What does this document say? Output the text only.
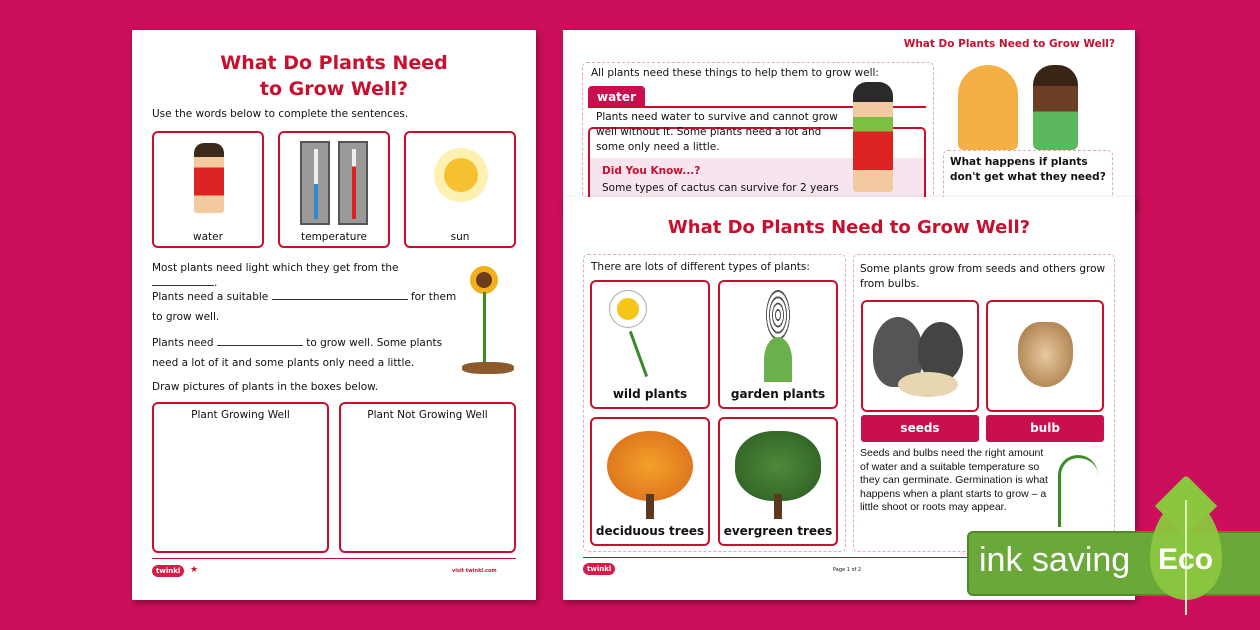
What Do Plants Need
to Grow Well?
Use the words below to complete the sentences.
water	temperature	sun
Most plants need light which they get from the .
Plants need a suitable	for them to grow well.
Plants need	to grow well. Some plants need a lot of it and some plants only need a little.
Draw pictures of plants in the boxes below.
Plant Growing Well	Plant Not Growing Well
twinkl	★	visit twinkl.com
What Do Plants Need to Grow Well?
All plants need these things to help them to grow well:
water
Plants need water to survive and cannot grow well without it. Some plants need a lot and some only need a little.
Did You Know...?
Some types of cactus can survive for 2 years
What happens if plants don't get what they need?
What Do Plants Need to Grow Well?
There are lots of different types of plants:
wild plants	garden plants
deciduous trees	evergreen trees
Some plants grow from seeds and others grow from bulbs.
seeds	bulb
Seeds and bulbs need the right amount of water and a suitable temperature so they can germinate. Germination is what happens when a plant starts to grow – a little shoot or roots may appear.
twinkl	Page 1 of 2	ink saving Eco
